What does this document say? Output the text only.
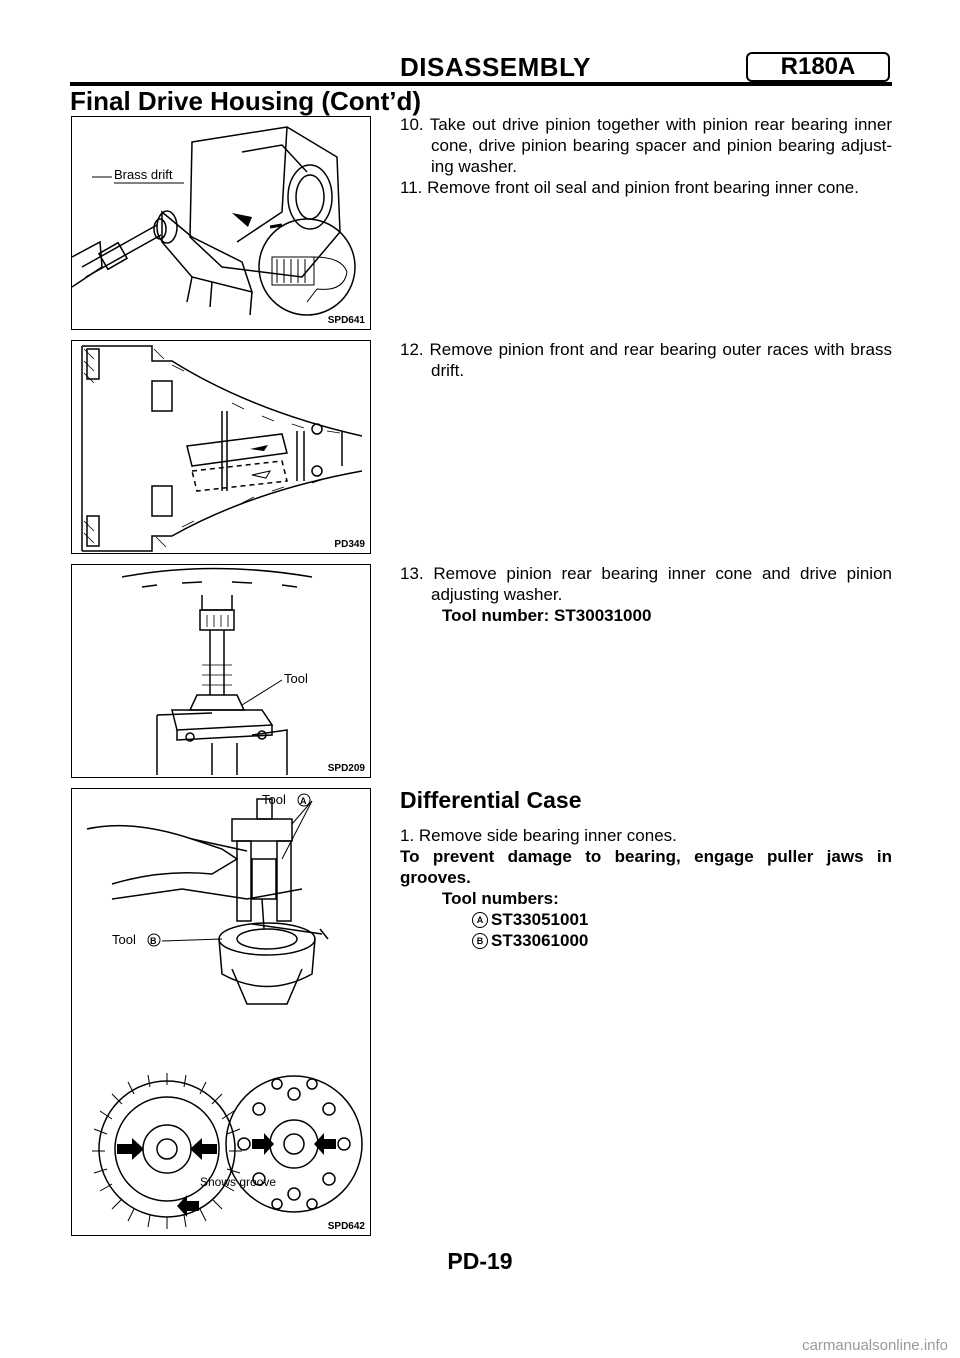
DISASSEMBLY	R180A
Final Drive Housing (Cont’d)
Brass drift
SPD641
PD349
Tool
SPD209
Tool A
Tool B
Shows groove
SPD642

10. Take out drive pinion together with pinion rear bearing inner cone, drive pinion bearing spacer and pinion bearing adjust-ing washer.

11. Remove front oil seal and pinion front bearing inner cone.

12. Remove pinion front and rear bearing outer races with brass drift.

13. Remove pinion rear bearing inner cone and drive pinion adjusting washer.

Tool number: ST30031000

Differential Case

1. Remove side bearing inner cones.

To prevent damage to bearing, engage puller jaws in grooves.

Tool numbers:

A ST33051001

B ST33061000

PD-19
carmanualsonline.info
